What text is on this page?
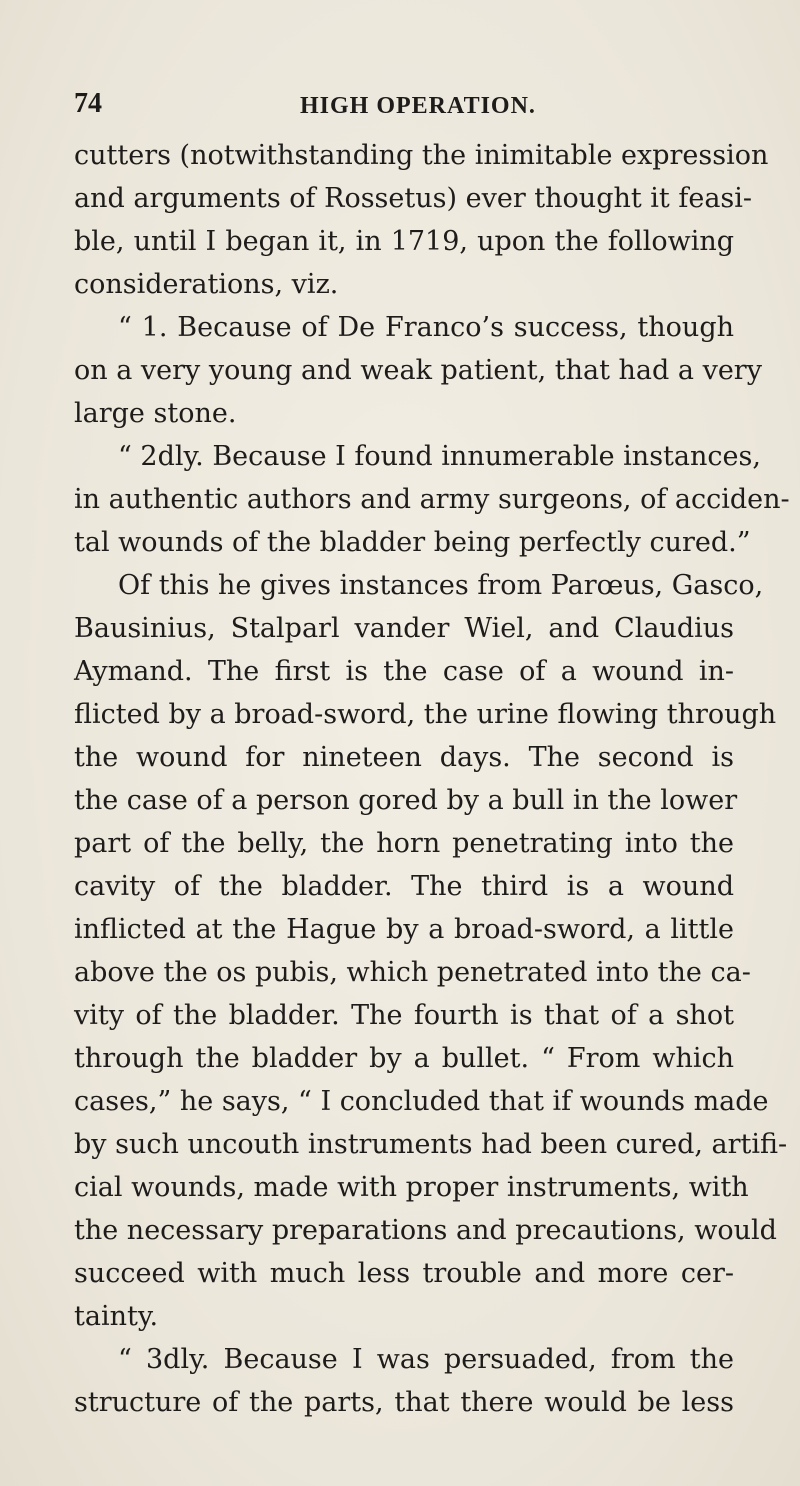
74	HIGH OPERATION.
cutters (notwithstanding the inimitable expression
and arguments of Rossetus) ever thought it feasi-
ble, until I began it, in 1719, upon the following
considerations, viz.
“ 1. Because of De Franco’s success, though
on a very young and weak patient, that had a very
large stone.
“ 2dly. Because I found innumerable instances,
in authentic authors and army surgeons, of acciden-
tal wounds of the bladder being perfectly cured.”
Of this he gives instances from Parœus, Gasco,
Bausinius, Stalparl vander Wiel, and Claudius
Aymand. The first is the case of a wound in-
flicted by a broad-sword, the urine flowing through
the wound for nineteen days. The second is
the case of a person gored by a bull in the lower
part of the belly, the horn penetrating into the
cavity of the bladder. The third is a wound
inflicted at the Hague by a broad-sword, a little
above the os pubis, which penetrated into the ca-
vity of the bladder. The fourth is that of a shot
through the bladder by a bullet. “ From which
cases,” he says, “ I concluded that if wounds made
by such uncouth instruments had been cured, artifi-
cial wounds, made with proper instruments, with
the necessary preparations and precautions, would
succeed with much less trouble and more cer-
tainty.
“ 3dly. Because I was persuaded, from the
structure of the parts, that there would be less
